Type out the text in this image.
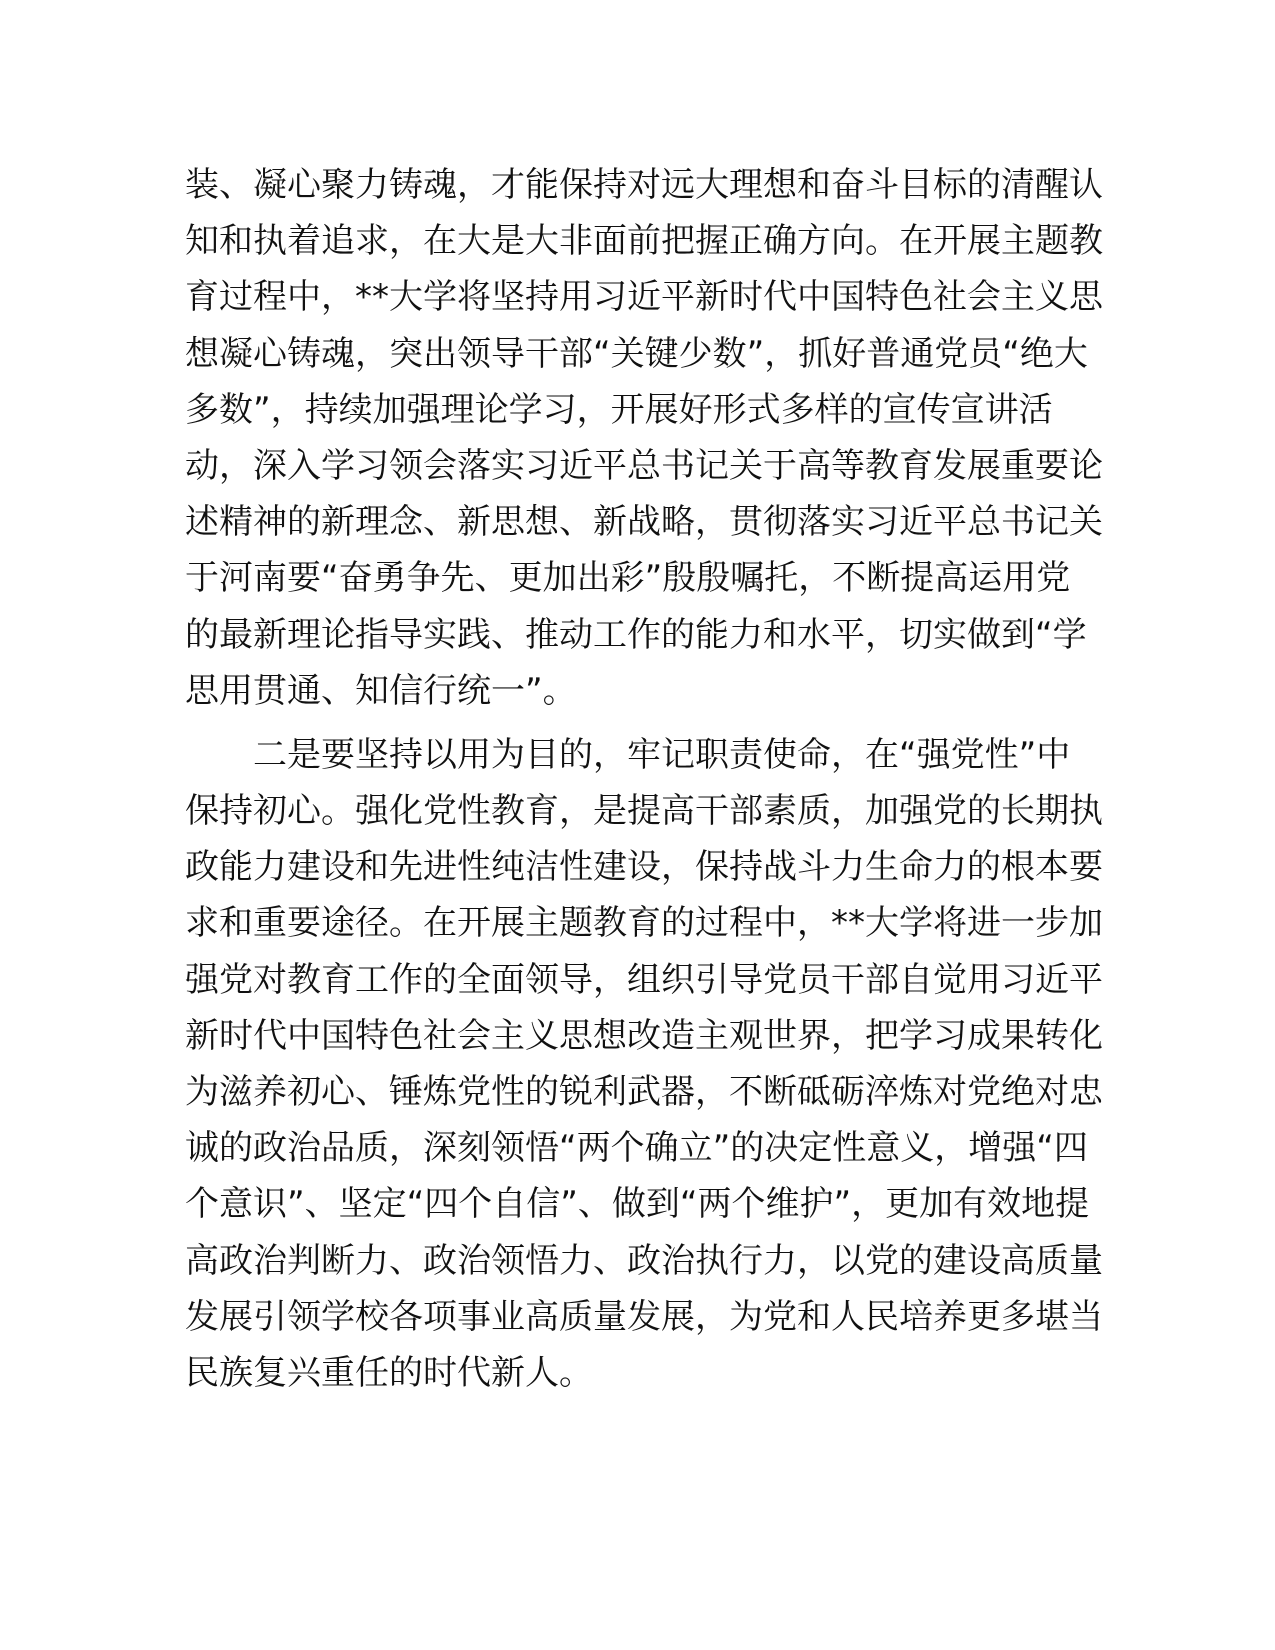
装、凝心聚力铸魂，才能保持对远大理想和奋斗目标的清醒认
知和执着追求，在大是大非面前把握正确方向。在开展主题教
育过程中，**大学将坚持用习近平新时代中国特色社会主义思
想凝心铸魂，突出领导干部“关键少数”，抓好普通党员“绝大
多数”，持续加强理论学习，开展好形式多样的宣传宣讲活
动，深入学习领会落实习近平总书记关于高等教育发展重要论
述精神的新理念、新思想、新战略，贯彻落实习近平总书记关
于河南要“奋勇争先、更加出彩”殷殷嘱托，不断提高运用党
的最新理论指导实践、推动工作的能力和水平，切实做到“学
思用贯通、知信行统一”。

二是要坚持以用为目的，牢记职责使命，在“强党性”中
保持初心。强化党性教育，是提高干部素质，加强党的长期执
政能力建设和先进性纯洁性建设，保持战斗力生命力的根本要
求和重要途径。在开展主题教育的过程中，**大学将进一步加
强党对教育工作的全面领导，组织引导党员干部自觉用习近平
新时代中国特色社会主义思想改造主观世界，把学习成果转化
为滋养初心、锤炼党性的锐利武器，不断砥砺淬炼对党绝对忠
诚的政治品质，深刻领悟“两个确立”的决定性意义，增强“四
个意识”、坚定“四个自信”、做到“两个维护”，更加有效地提
高政治判断力、政治领悟力、政治执行力，以党的建设高质量
发展引领学校各项事业高质量发展，为党和人民培养更多堪当
民族复兴重任的时代新人。
